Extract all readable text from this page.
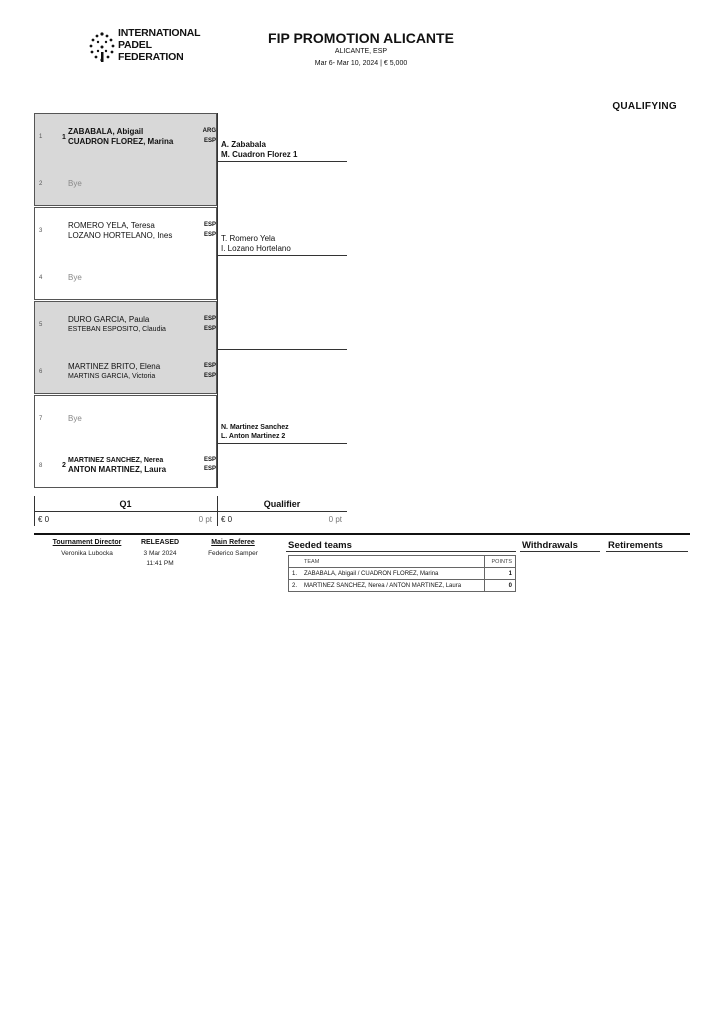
INTERNATIONAL
PADEL
FEDERATION
FIP PROMOTION ALICANTE
ALICANTE, ESP
Mar 6- Mar 10, 2024 | € 5,000
QUALIFYING
1	1
ZABABALA, Abigail
CUADRON FLOREZ, Marina
ARG
ESP
2	Bye
3
ROMERO YELA, Teresa
LOZANO HORTELANO, Ines
ESP
ESP
4	Bye
5
DURO GARCIA, Paula
ESTEBAN ESPOSITO, Claudia
ESP
ESP
6
MARTINEZ BRITO, Elena
MARTINS GARCIA, Victoria
ESP
ESP
7	Bye
8	2
MARTINEZ SANCHEZ, Nerea
ANTON MARTINEZ, Laura
ESP
ESP
A. Zababala
M. Cuadron Florez 1
T. Romero Yela
I. Lozano Hortelano
N. Martinez Sanchez
L. Anton Martinez 2
Q1	Qualifier
€ 0	0 pt € 0	0 pt
Tournament Director
Veronika Lubocka
RELEASED
3 Mar 2024
11:41 PM
Main Referee
Federico Samper
Seeded teams
	TEAM	POINTS
1.	ZABABALA, Abigail / CUADRON FLOREZ, Marina	1
2.	MARTINEZ SANCHEZ, Nerea / ANTON MARTINEZ, Laura	0
Withdrawals	Retirements
